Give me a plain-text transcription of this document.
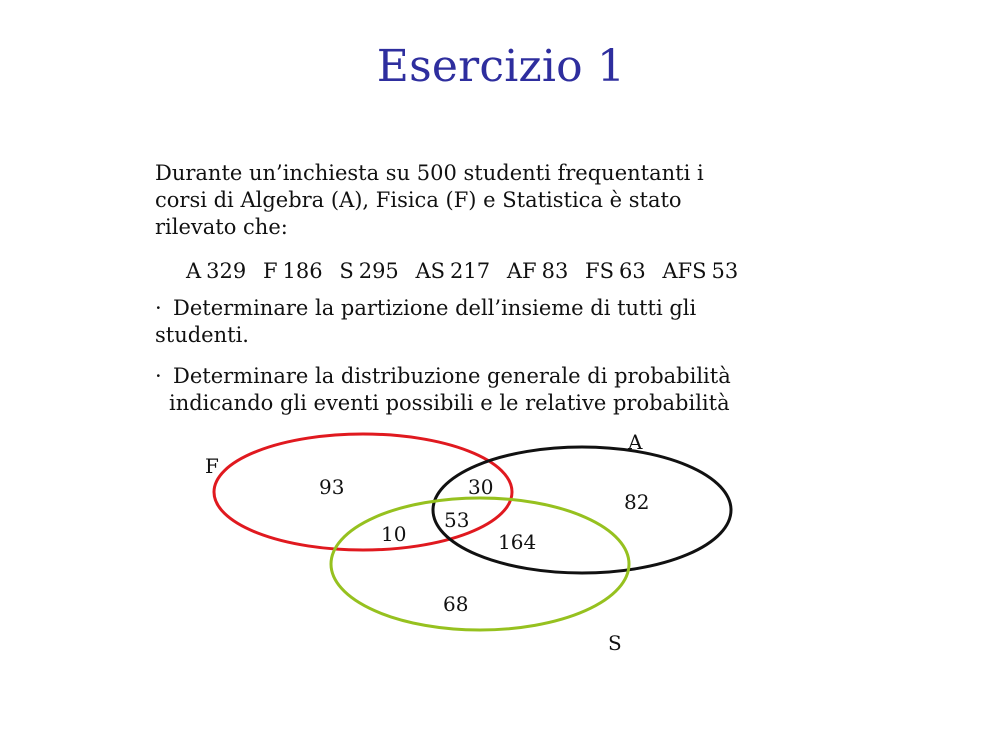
Esercizio 1
Durante un’inchiesta su 500 studenti frequentanti i
corsi di Algebra (A), Fisica (F) e Statistica è stato
rilevato che:
A 329 F 186 S 295 AS 217 AF 83 FS 63 AFS 53
· Determinare la partizione dell’insieme di tutti gli
studenti.
· Determinare la distribuzione generale di probabilità
indicando gli eventi possibili e le relative probabilità
F
A
S
93	30
82
10
53
164
68
